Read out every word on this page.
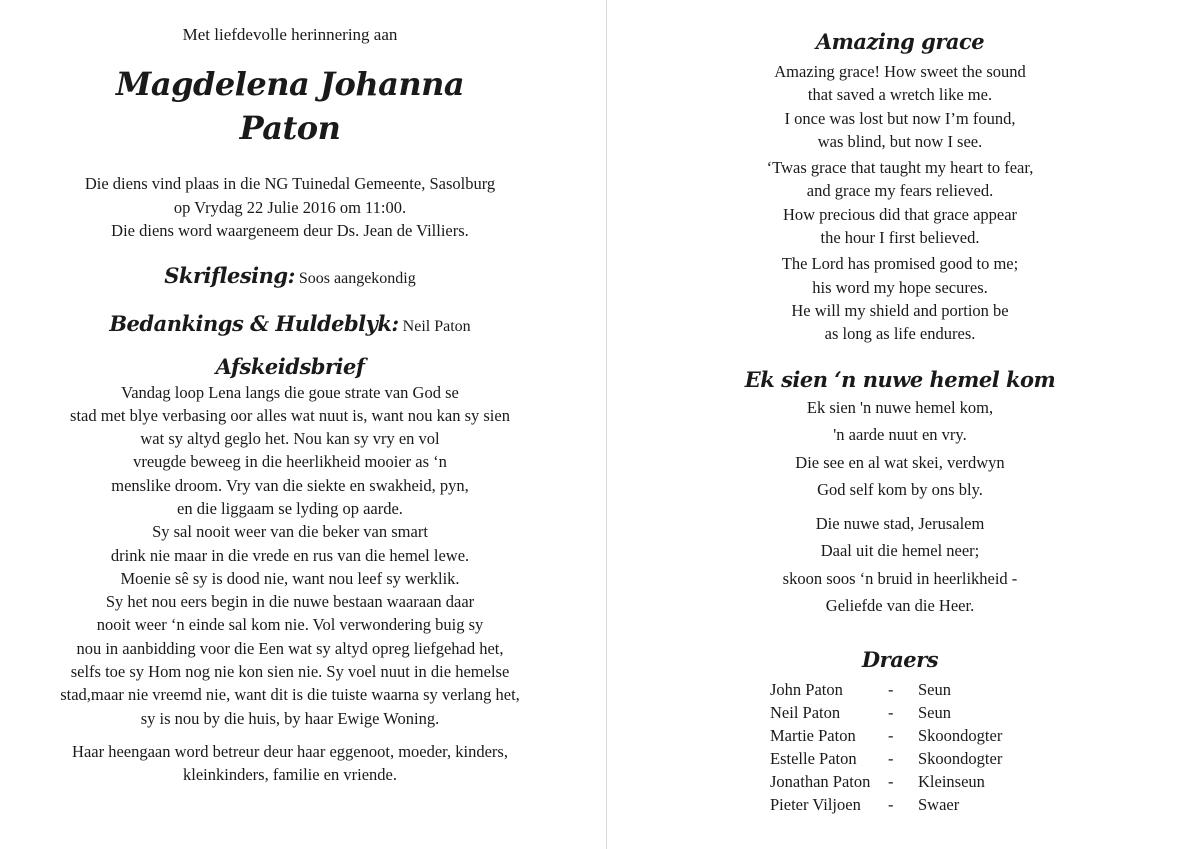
Met liefdevolle herinnering aan
Magdelena Johanna
Paton
Die diens vind plaas in die NG Tuinedal Gemeente, Sasolburg
op Vrydag 22 Julie 2016 om 11:00.
Die diens word waargeneem deur Ds. Jean de Villiers.
Skriflesing: Soos aangekondig
Bedankings & Huldeblyk: Neil Paton
Afskeidsbrief
Vandag loop Lena langs die goue strate van God se
stad met blye verbasing oor alles wat nuut is, want nou kan sy sien
wat sy altyd geglo het. Nou kan sy vry en vol
vreugde beweeg in die heerlikheid mooier as ‘n
menslike droom. Vry van die siekte en swakheid, pyn,
en die liggaam se lyding op aarde.
Sy sal nooit weer van die beker van smart
drink nie maar in die vrede en rus van die hemel lewe.
Moenie sê sy is dood nie, want nou leef sy werklik.
Sy het nou eers begin in die nuwe bestaan waaraan daar
nooit weer ‘n einde sal kom nie. Vol verwondering buig sy
nou in aanbidding voor die Een wat sy altyd opreg liefgehad het,
selfs toe sy Hom nog nie kon sien nie. Sy voel nuut in die hemelse
stad,maar nie vreemd nie, want dit is die tuiste waarna sy verlang het,
sy is nou by die huis, by haar Ewige Woning.
Haar heengaan word betreur deur haar eggenoot, moeder, kinders,
kleinkinders, familie en vriende.
Amazing grace
Amazing grace! How sweet the sound
that saved a wretch like me.
I once was lost but now I’m found,
was blind, but now I see.
‘Twas grace that taught my heart to fear,
and grace my fears relieved.
How precious did that grace appear
the hour I first believed.
The Lord has promised good to me;
his word my hope secures.
He will my shield and portion be
as long as life endures.
Ek sien ‘n nuwe hemel kom
Ek sien 'n nuwe hemel kom,
'n aarde nuut en vry.
Die see en al wat skei, verdwyn
God self kom by ons bly.
Die nuwe stad, Jerusalem
Daal uit die hemel neer;
skoon soos ‘n bruid in heerlikheid -
Geliefde van die Heer.
Draers
John Paton	-	Seun
Neil Paton	-	Seun
Martie Paton	-	Skoondogter
Estelle Paton	-	Skoondogter
Jonathan Paton	-	Kleinseun
Pieter Viljoen	-	Swaer
